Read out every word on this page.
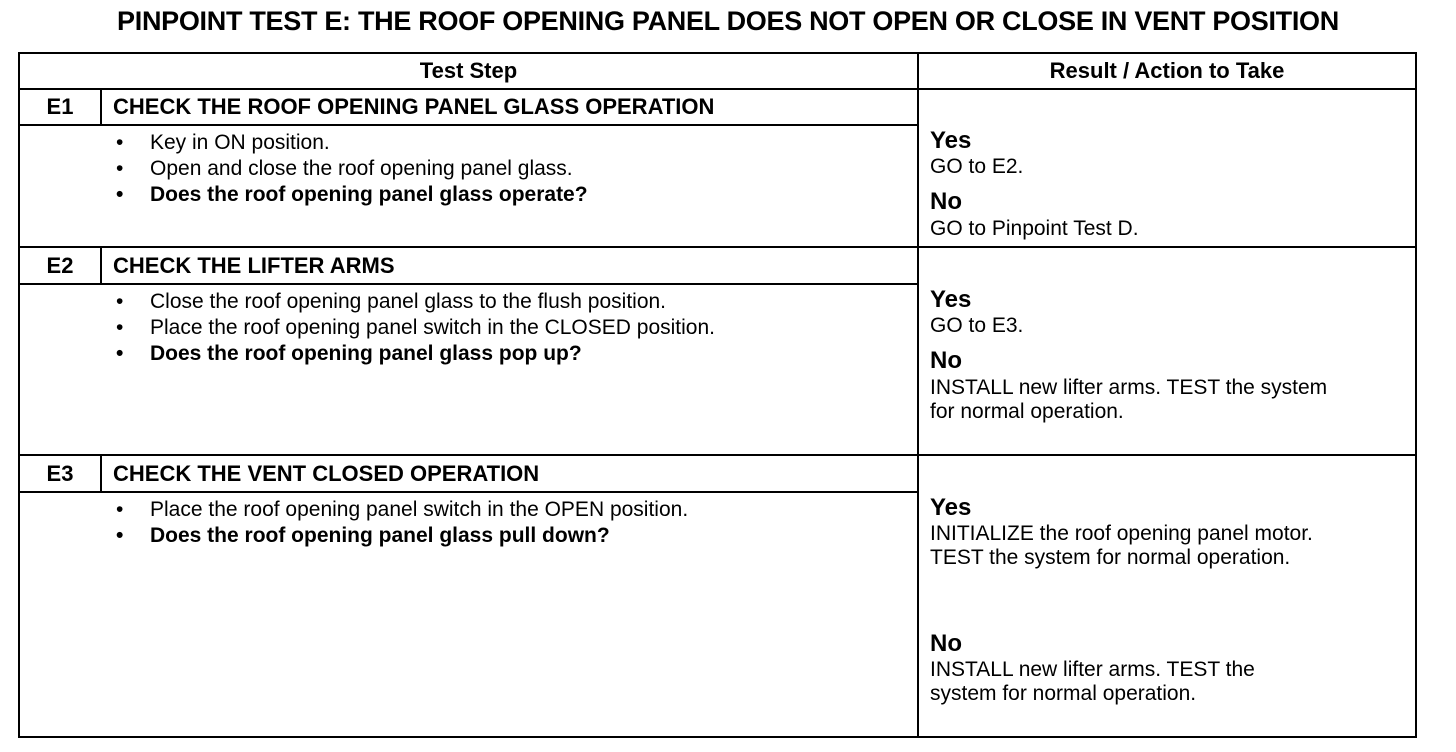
PINPOINT TEST E: THE ROOF OPENING PANEL DOES NOT OPEN OR CLOSE IN VENT POSITION
Test Step	Result / Action to Take
E1	CHECK THE ROOF OPENING PANEL GLASS OPERATION
• Key in ON position.
• Open and close the roof opening panel glass.
• Does the roof opening panel glass operate?
Yes
GO to E2.
No
GO to Pinpoint Test D.
E2	CHECK THE LIFTER ARMS
• Close the roof opening panel glass to the flush position.
• Place the roof opening panel switch in the CLOSED position.
• Does the roof opening panel glass pop up?
Yes
GO to E3.
No
INSTALL new lifter arms. TEST the system
for normal operation.
E3	CHECK THE VENT CLOSED OPERATION
• Place the roof opening panel switch in the OPEN position.
• Does the roof opening panel glass pull down?
Yes
INITIALIZE the roof opening panel motor.
TEST the system for normal operation.
No
INSTALL new lifter arms. TEST the
system for normal operation.
